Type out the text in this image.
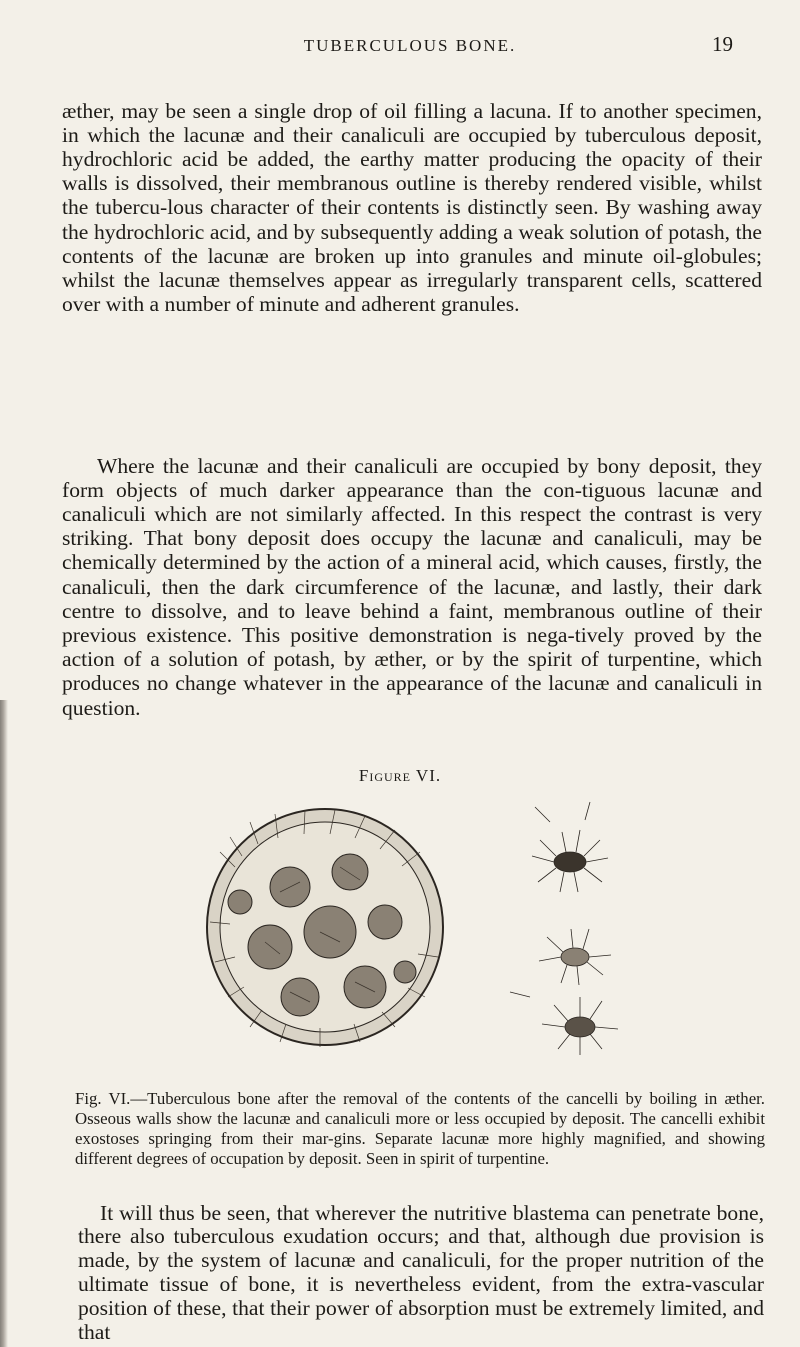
TUBERCULOUS BONE.	19

æther, may be seen a single drop of oil filling a lacuna. If to another specimen, in which the lacunæ and their canaliculi are occupied by tuberculous deposit, hydrochloric acid be added, the earthy matter producing the opacity of their walls is dissolved, their membranous outline is thereby rendered visible, whilst the tubercu-lous character of their contents is distinctly seen. By washing away the hydrochloric acid, and by subsequently adding a weak solution of potash, the contents of the lacunæ are broken up into granules and minute oil-globules; whilst the lacunæ themselves appear as irregularly transparent cells, scattered over with a number of minute and adherent granules.

Where the lacunæ and their canaliculi are occupied by bony deposit, they form objects of much darker appearance than the con-tiguous lacunæ and canaliculi which are not similarly affected. In this respect the contrast is very striking. That bony deposit does occupy the lacunæ and canaliculi, may be chemically determined by the action of a mineral acid, which causes, firstly, the canaliculi, then the dark circumference of the lacunæ, and lastly, their dark centre to dissolve, and to leave behind a faint, membranous outline of their previous existence. This positive demonstration is nega-tively proved by the action of a solution of potash, by æther, or by the spirit of turpentine, which produces no change whatever in the appearance of the lacunæ and canaliculi in question.

Figure VI.

Fig. VI.—Tuberculous bone after the removal of the contents of the cancelli by boiling in æther. Osseous walls show the lacunæ and canaliculi more or less occupied by deposit. The cancelli exhibit exostoses springing from their mar-gins. Separate lacunæ more highly magnified, and showing different degrees of occupation by deposit. Seen in spirit of turpentine.

It will thus be seen, that wherever the nutritive blastema can penetrate bone, there also tuberculous exudation occurs; and that, although due provision is made, by the system of lacunæ and canaliculi, for the proper nutrition of the ultimate tissue of bone, it is nevertheless evident, from the extra-vascular position of these, that their power of absorption must be extremely limited, and that
